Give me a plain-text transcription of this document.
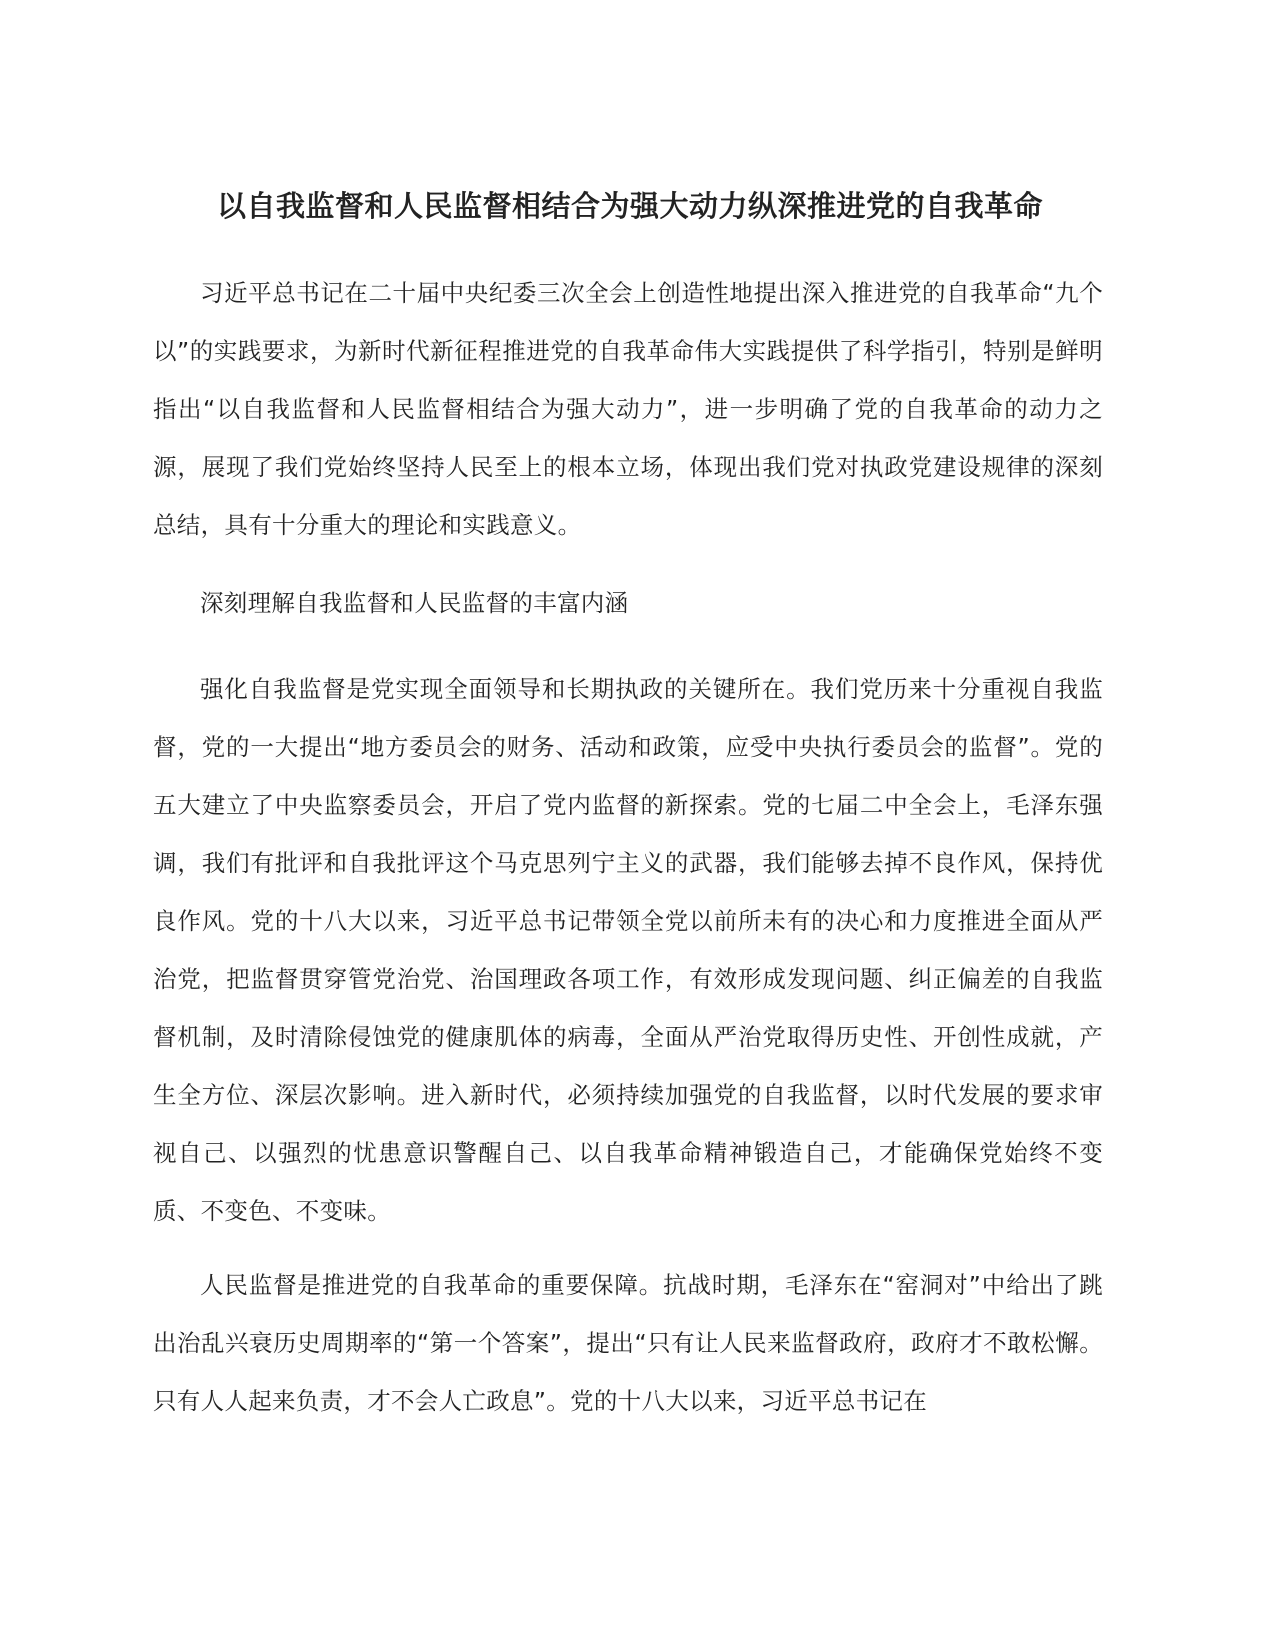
以自我监督和人民监督相结合为强大动力纵深推进党的自我革命

习近平总书记在二十届中央纪委三次全会上创造性地提出深入推进党的自我革命“九个以”的实践要求，为新时代新征程推进党的自我革命伟大实践提供了科学指引，特别是鲜明指出“以自我监督和人民监督相结合为强大动力”，进一步明确了党的自我革命的动力之源，展现了我们党始终坚持人民至上的根本立场，体现出我们党对执政党建设规律的深刻总结，具有十分重大的理论和实践意义。

深刻理解自我监督和人民监督的丰富内涵

强化自我监督是党实现全面领导和长期执政的关键所在。我们党历来十分重视自我监督，党的一大提出“地方委员会的财务、活动和政策，应受中央执行委员会的监督”。党的五大建立了中央监察委员会，开启了党内监督的新探索。党的七届二中全会上，毛泽东强调，我们有批评和自我批评这个马克思列宁主义的武器，我们能够去掉不良作风，保持优良作风。党的十八大以来，习近平总书记带领全党以前所未有的决心和力度推进全面从严治党，把监督贯穿管党治党、治国理政各项工作，有效形成发现问题、纠正偏差的自我监督机制，及时清除侵蚀党的健康肌体的病毒，全面从严治党取得历史性、开创性成就，产生全方位、深层次影响。进入新时代，必须持续加强党的自我监督，以时代发展的要求审视自己、以强烈的忧患意识警醒自己、以自我革命精神锻造自己，才能确保党始终不变质、不变色、不变味。

人民监督是推进党的自我革命的重要保障。抗战时期，毛泽东在“窑洞对”中给出了跳出治乱兴衰历史周期率的“第一个答案”，提出“只有让人民来监督政府，政府才不敢松懈。只有人人起来负责，才不会人亡政息”。党的十八大以来，习近平总书记在
